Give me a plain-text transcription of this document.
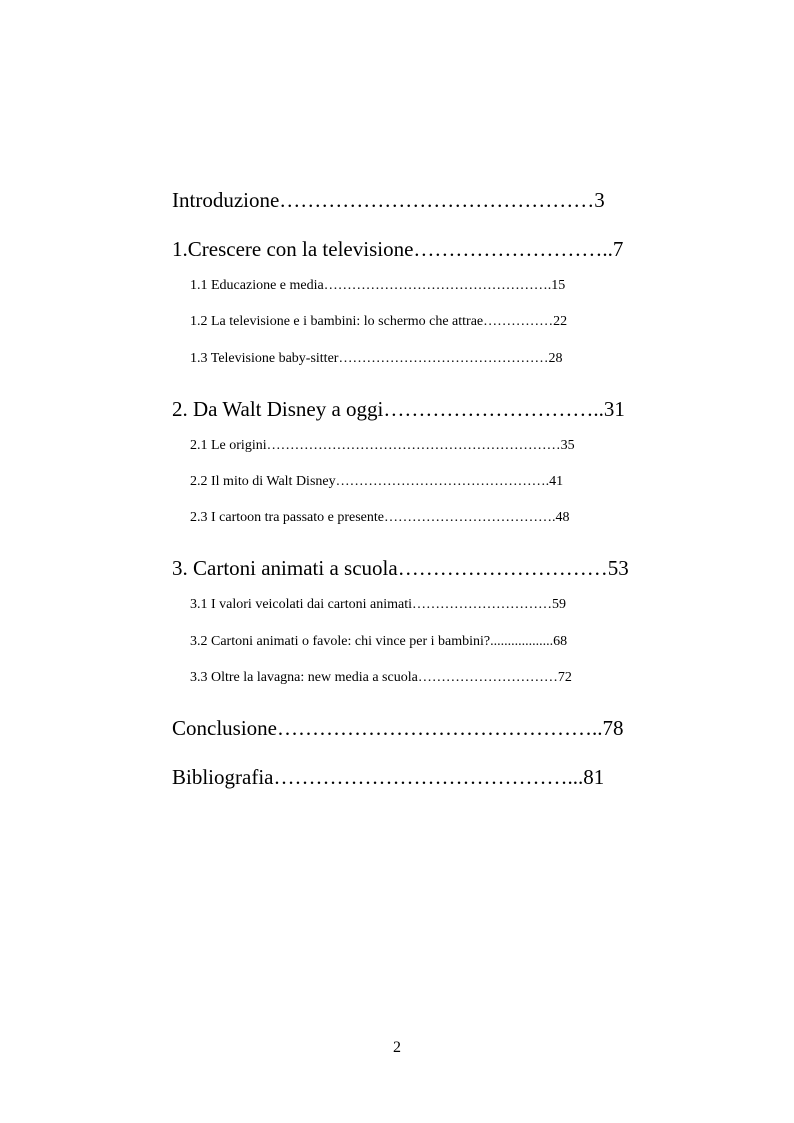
Introduzione………………………………………3

1.Crescere con la televisione………………………..7

1.1 Educazione e media………………………………………….15

1.2 La televisione e i bambini: lo schermo che attrae……………22

1.3 Televisione baby-sitter………………………………………28

2. Da Walt Disney a oggi…………………………..31

2.1 Le origini………………………………………………………35

2.2 Il mito di Walt Disney……………………………………….41

2.3 I cartoon tra passato e presente……………………………….48

3. Cartoni animati a scuola…………………………53

3.1 I valori veicolati dai cartoni animati…………………………59

3.2 Cartoni animati o favole: chi vince per i bambini?..................68

3.3 Oltre la lavagna: new media a scuola…………………………72

Conclusione………………………………………..78

Bibliografia……………………………………...81

2
